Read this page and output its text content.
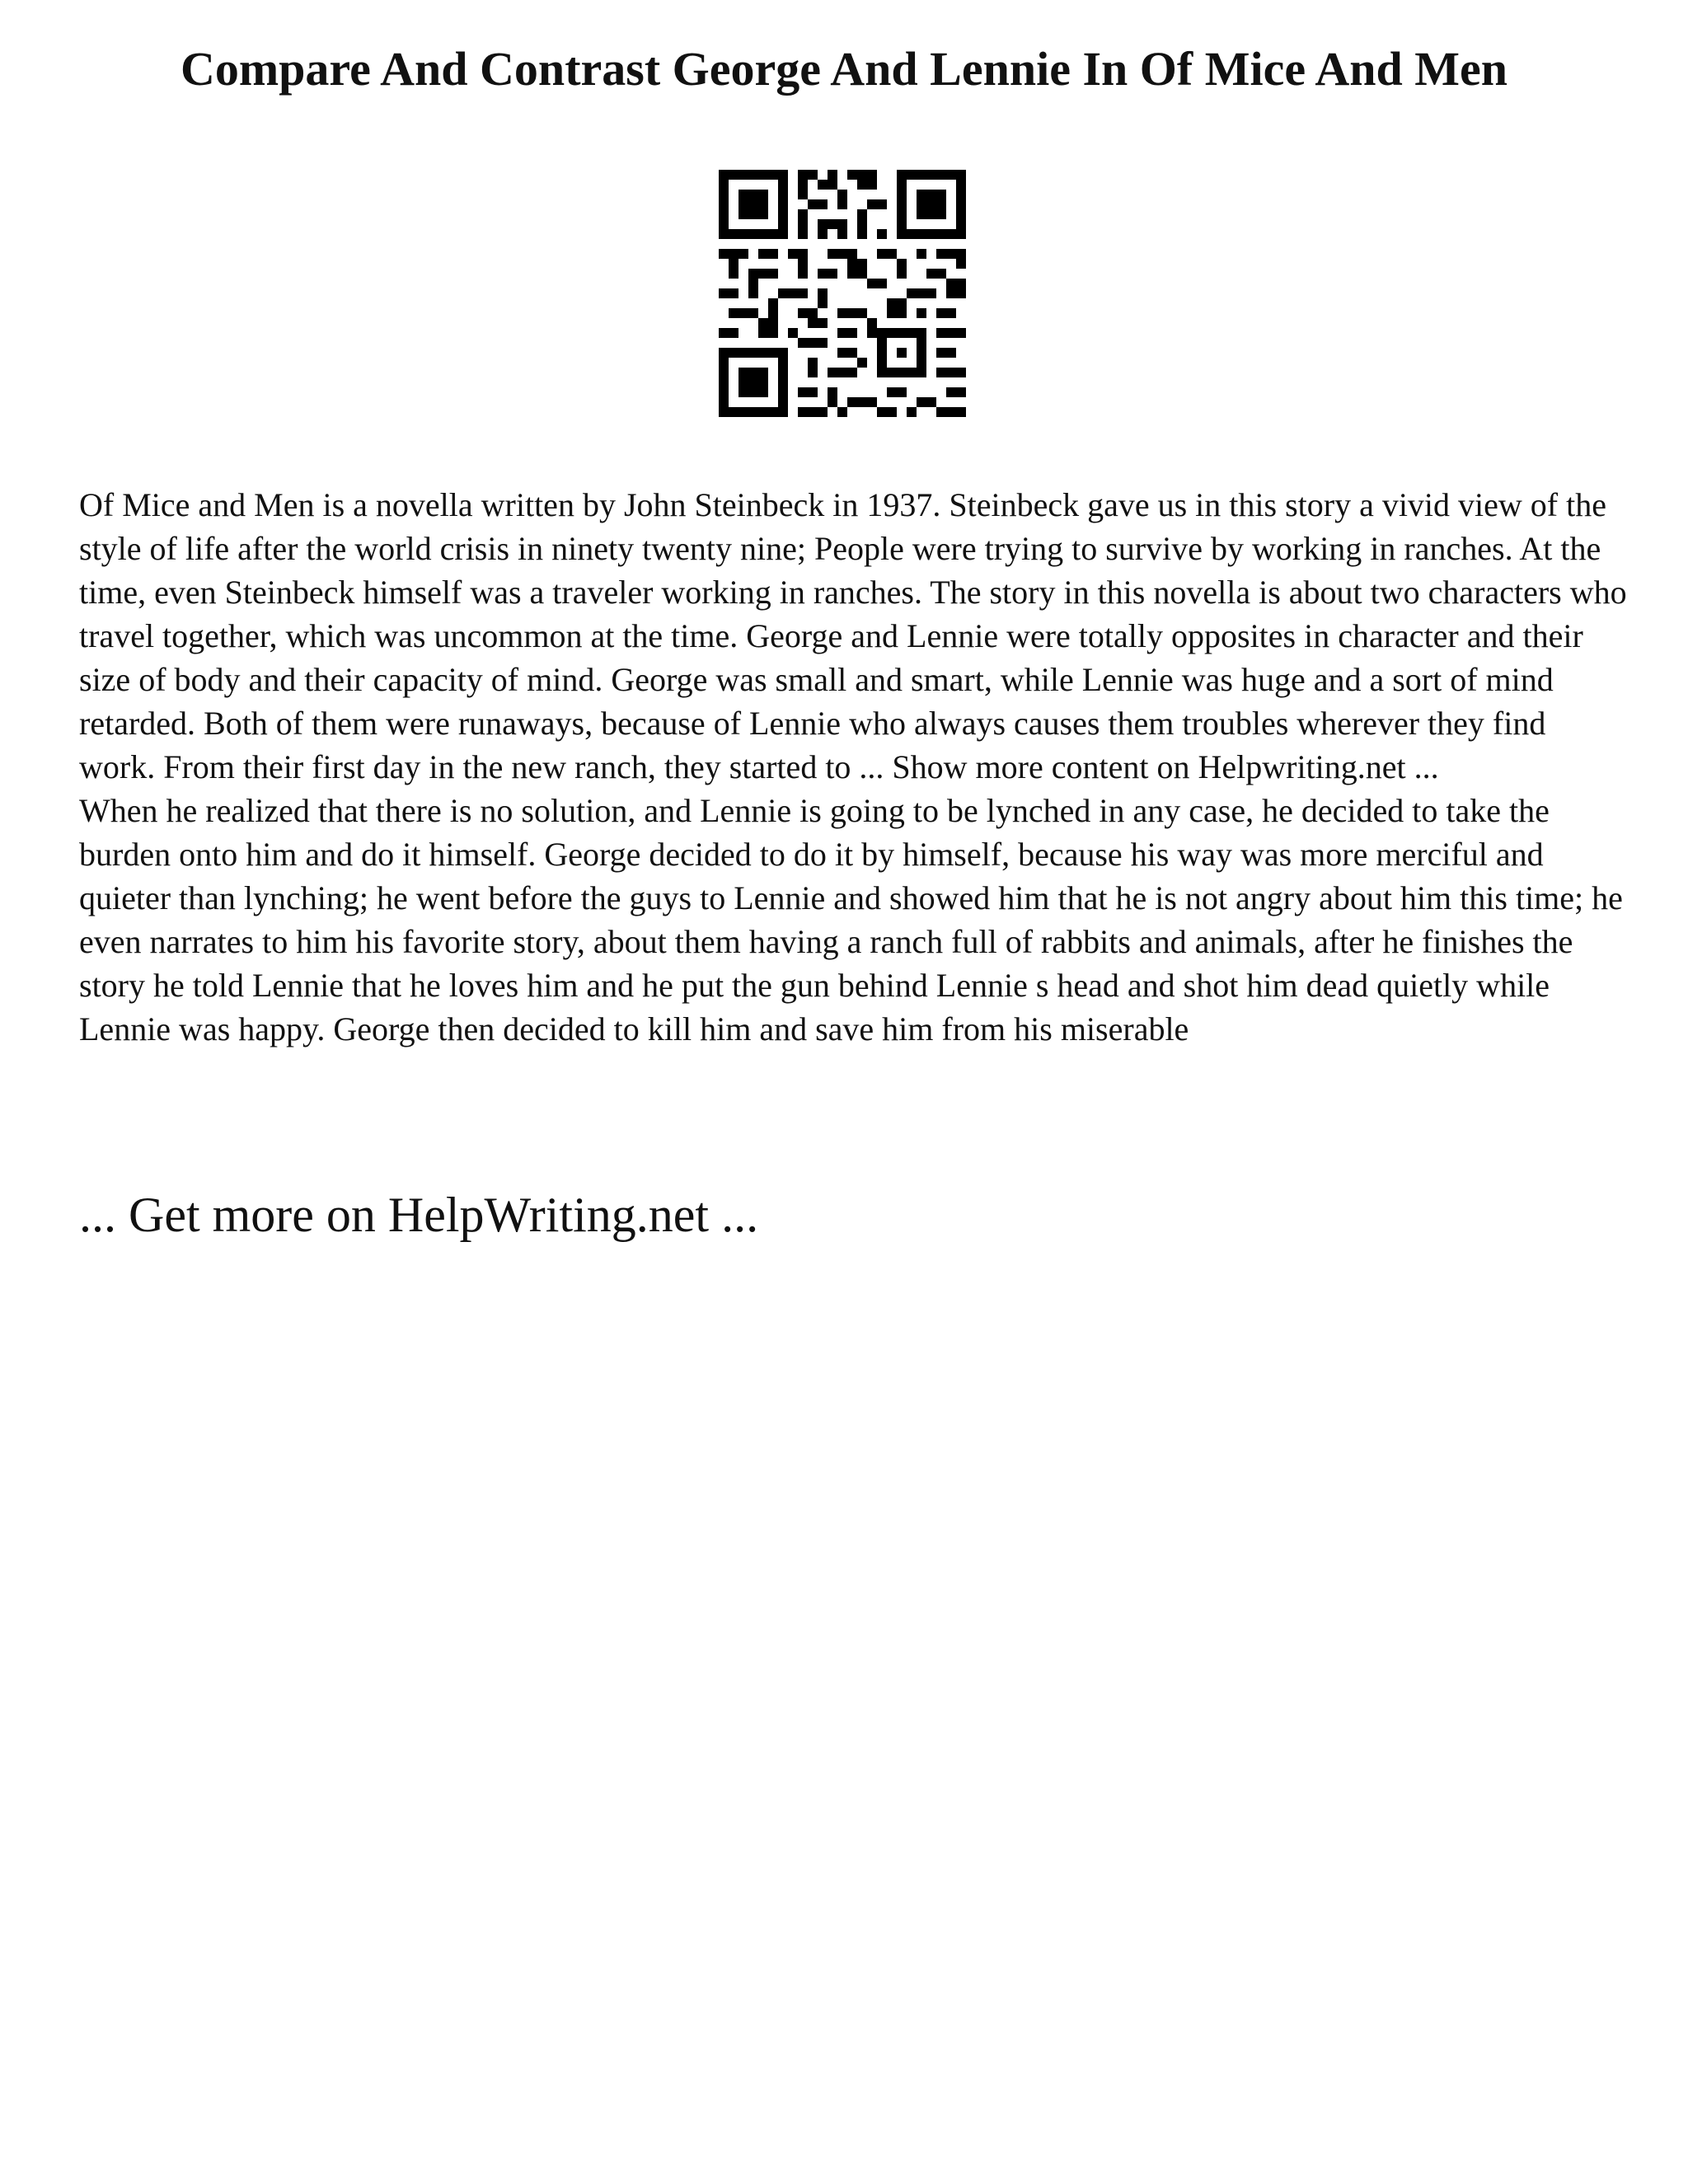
Compare And Contrast George And Lennie In Of Mice And Men

Of Mice and Men is a novella written by John Steinbeck in 1937. Steinbeck gave us in this story a vivid view of the style of life after the world crisis in ninety twenty nine; People were trying to survive by working in ranches. At the time, even Steinbeck himself was a traveler working in ranches. The story in this novella is about two characters who travel together, which was uncommon at the time. George and Lennie were totally opposites in character and their size of body and their capacity of mind. George was small and smart, while Lennie was huge and a sort of mind retarded. Both of them were runaways, because of Lennie who always causes them troubles wherever they find work. From their first day in the new ranch, they started to ... Show more content on Helpwriting.net ...

When he realized that there is no solution, and Lennie is going to be lynched in any case, he decided to take the burden onto him and do it himself. George decided to do it by himself, because his way was more merciful and quieter than lynching; he went before the guys to Lennie and showed him that he is not angry about him this time; he even narrates to him his favorite story, about them having a ranch full of rabbits and animals, after he finishes the story he told Lennie that he loves him and he put the gun behind Lennie s head and shot him dead quietly while Lennie was happy. George then decided to kill him and save him from his miserable

... Get more on HelpWriting.net ...
